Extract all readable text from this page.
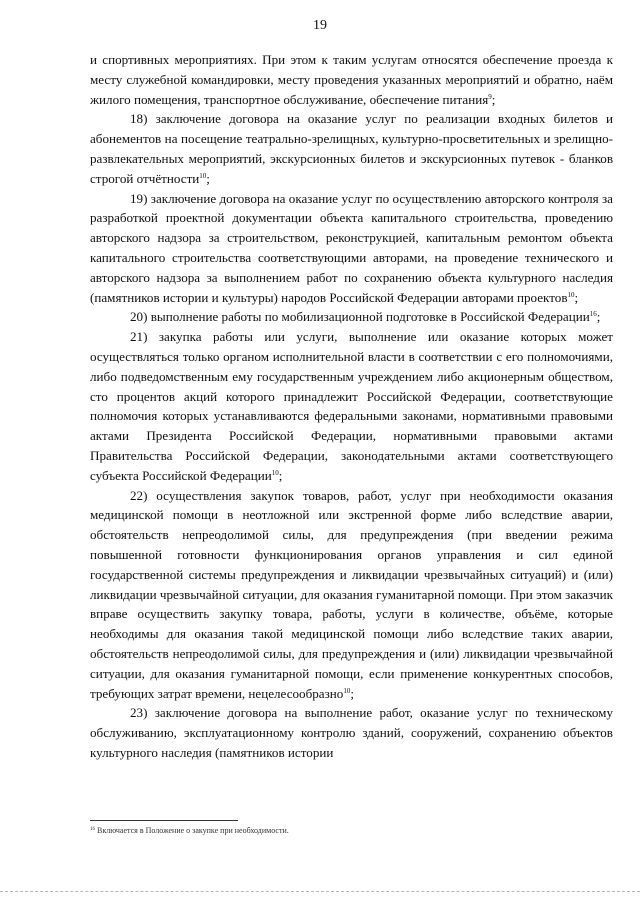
19

и спортивных мероприятиях. При этом к таким услугам относятся обеспечение проезда к месту служебной командировки, месту проведения указанных мероприятий и обратно, наём жилого помещения, транспортное обслуживание, обеспечение питания$^9$;

18) заключение договора на оказание услуг по реализации входных билетов и абонементов на посещение театрально-зрелищных, культурно-просветительных и зрелищно-развлекательных мероприятий, экскурсионных билетов и экскурсионных путевок - бланков строгой отчётности$^{10}$;

19) заключение договора на оказание услуг по осуществлению авторского контроля за разработкой проектной документации объекта капитального строительства, проведению авторского надзора за строительством, реконструкцией, капитальным ремонтом объекта капитального строительства соответствующими авторами, на проведение технического и авторского надзора за выполнением работ по сохранению объекта культурного наследия (памятников истории и культуры) народов Российской Федерации авторами проектов$^{10}$;

20) выполнение работы по мобилизационной подготовке в Российской Федерации$^{16}$;

21) закупка работы или услуги, выполнение или оказание которых может осуществляться только органом исполнительной власти в соответствии с его полномочиями, либо подведомственным ему государственным учреждением либо акционерным обществом, сто процентов акций которого принадлежит Российской Федерации, соответствующие полномочия которых устанавливаются федеральными законами, нормативными правовыми актами Президента Российской Федерации, нормативными правовыми актами Правительства Российской Федерации, законодательными актами соответствующего субъекта Российской Федерации$^{10}$;

22) осуществления закупок товаров, работ, услуг при необходимости оказания медицинской помощи в неотложной или экстренной форме либо вследствие аварии, обстоятельств непреодолимой силы, для предупреждения (при введении режима повышенной готовности функционирования органов управления и сил единой государственной системы предупреждения и ликвидации чрезвычайных ситуаций) и (или) ликвидации чрезвычайной ситуации, для оказания гуманитарной помощи. При этом заказчик вправе осуществить закупку товара, работы, услуги в количестве, объёме, которые необходимы для оказания такой медицинской помощи либо вследствие таких аварии, обстоятельств непреодолимой силы, для предупреждения и (или) ликвидации чрезвычайной ситуации, для оказания гуманитарной помощи, если применение конкурентных способов, требующих затрат времени, нецелесообразно$^{10}$;

23) заключение договора на выполнение работ, оказание услуг по техническому обслуживанию, эксплуатационному контролю зданий, сооружений, сохранению объектов культурного наследия (памятников истории

$^{16}$ Включается в Положение о закупке при необходимости.
